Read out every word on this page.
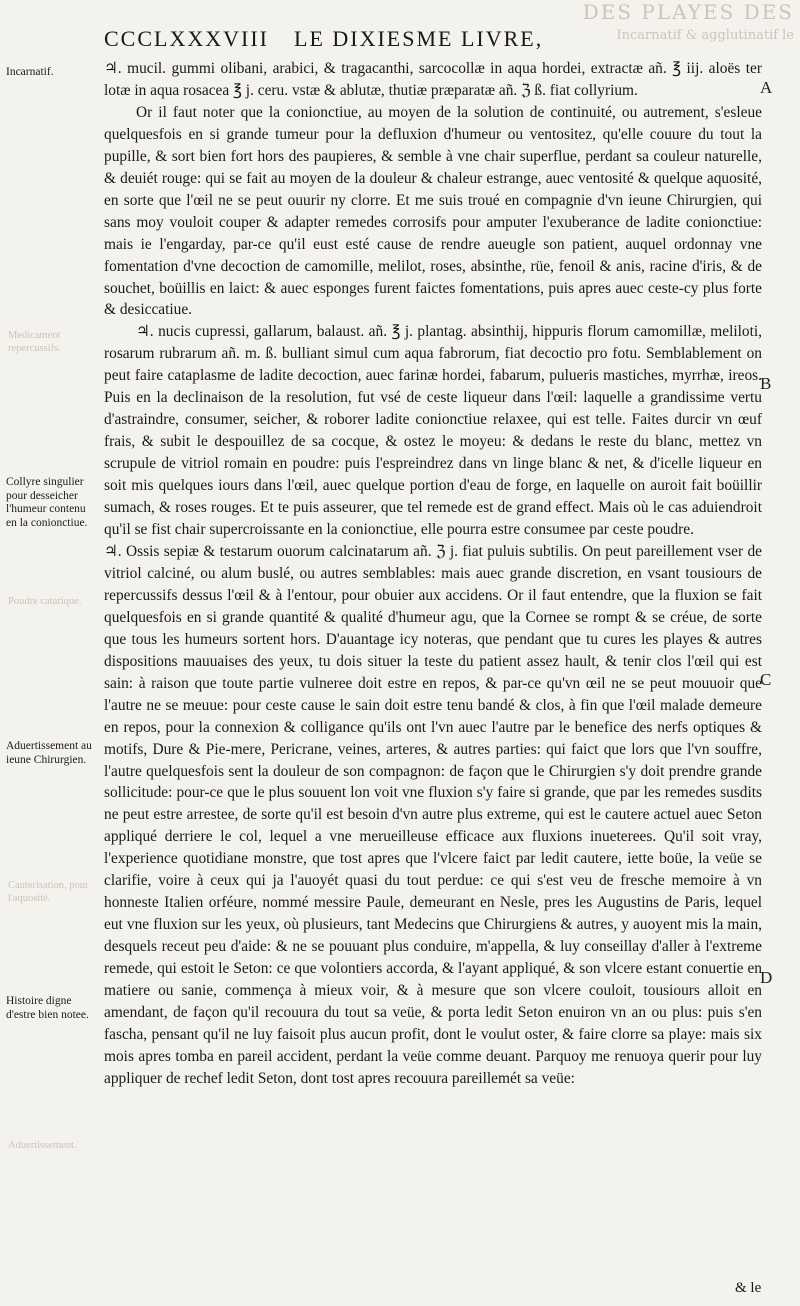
DES PLAYES DES
Incarnatif & agglutinatif le
CCCLXXXVIII LE DIXIESME LIVRE,
Incarnatif.
Medicament repercussifs.
Collyre singulier pour desseicher l'humeur contenu en la conionctiue.
Poudre catarique.
Aduertissement au ieune Chirurgien.
Cauterisation, pour l'aquosité.
Histoire digne d'estre bien notee.
Aduertissement.
A
B
C
D

♃. mucil. gummi olibani, arabici, & tragacanthi, sarcocollæ in aqua hordei, extractæ añ. ℥ iij. aloës ter lotæ in aqua rosacea ℥ j. ceru. vstæ & ablutæ, thutiæ præparatæ añ. ℨ ß. fiat collyrium.

Or il faut noter que la conionctiue, au moyen de la solution de continuité, ou autrement, s'esleue quelquesfois en si grande tumeur pour la defluxion d'humeur ou ventositez, qu'elle couure du tout la pupille, & sort bien fort hors des paupieres, & semble à vne chair superflue, perdant sa couleur naturelle, & deuiét rouge: qui se fait au moyen de la douleur & chaleur estrange, auec ventosité & quelque aquosité, en sorte que l'œil ne se peut ouurir ny clorre. Et me suis troué en compagnie d'vn ieune Chirurgien, qui sans moy vouloit couper & adapter remedes corrosifs pour amputer l'exuberance de ladite conionctiue: mais ie l'engarday, par-ce qu'il eust esté cause de rendre aueugle son patient, auquel ordonnay vne fomentation d'vne decoction de camomille, melilot, roses, absinthe, rüe, fenoil & anis, racine d'iris, & de souchet, boüillis en laict: & auec esponges furent faictes fomentations, puis apres auec ceste-cy plus forte & desiccatiue.

♃. nucis cupressi, gallarum, balaust. añ. ℥ j. plantag. absinthij, hippuris florum camomillæ, meliloti, rosarum rubrarum añ. m. ß. bulliant simul cum aqua fabrorum, fiat decoctio pro fotu. Semblablement on peut faire cataplasme de ladite decoction, auec farinæ hordei, fabarum, pulueris mastiches, myrrhæ, ireos. Puis en la declinaison de la resolution, fut vsé de ceste liqueur dans l'œil: laquelle a grandissime vertu d'astraindre, consumer, seicher, & roborer ladite conionctiue relaxee, qui est telle. Faites durcir vn œuf frais, & subit le despouillez de sa cocque, & ostez le moyeu: & dedans le reste du blanc, mettez vn scrupule de vitriol romain en poudre: puis l'espreindrez dans vn linge blanc & net, & d'icelle liqueur en soit mis quelques iours dans l'œil, auec quelque portion d'eau de forge, en laquelle on auroit fait boüillir sumach, & roses rouges. Et te puis asseurer, que tel remede est de grand effect. Mais où le cas aduiendroit qu'il se fist chair supercroissante en la conionctiue, elle pourra estre consumee par ceste poudre.

♃. Ossis sepiæ & testarum ouorum calcinatarum añ. ℨ j. fiat puluis subtilis. On peut pareillement vser de vitriol calciné, ou alum buslé, ou autres semblables: mais auec grande discretion, en vsant tousiours de repercussifs dessus l'œil & à l'entour, pour obuier aux accidens. Or il faut entendre, que la fluxion se fait quelquesfois en si grande quantité & qualité d'humeur agu, que la Cornee se rompt & se créue, de sorte que tous les humeurs sortent hors. D'auantage icy noteras, que pendant que tu cures les playes & autres dispositions mauuaises des yeux, tu dois situer la teste du patient assez hault, & tenir clos l'œil qui est sain: à raison que toute partie vulneree doit estre en repos, & par-ce qu'vn œil ne se peut mouuoir que l'autre ne se meuue: pour ceste cause le sain doit estre tenu bandé & clos, à fin que l'œil malade demeure en repos, pour la connexion & colligance qu'ils ont l'vn auec l'autre par le benefice des nerfs optiques & motifs, Dure & Pie-mere, Pericrane, veines, arteres, & autres parties: qui faict que lors que l'vn souffre, l'autre quelquesfois sent la douleur de son compagnon: de façon que le Chirurgien s'y doit prendre grande sollicitude: pour-ce que le plus souuent lon voit vne fluxion s'y faire si grande, que par les remedes susdits ne peut estre arrestee, de sorte qu'il est besoin d'vn autre plus extreme, qui est le cautere actuel auec Seton appliqué derriere le col, lequel a vne merueilleuse efficace aux fluxions inueterees. Qu'il soit vray, l'experience quotidiane monstre, que tost apres que l'vlcere faict par ledit cautere, iette boüe, la veüe se clarifie, voire à ceux qui ja l'auoyét quasi du tout perdue: ce qui s'est veu de fresche memoire à vn honneste Italien orféure, nommé messire Paule, demeurant en Nesle, pres les Augustins de Paris, lequel eut vne fluxion sur les yeux, où plusieurs, tant Medecins que Chirurgiens & autres, y auoyent mis la main, desquels receut peu d'aide: & ne se pouuant plus conduire, m'appella, & luy conseillay d'aller à l'extreme remede, qui estoit le Seton: ce que volontiers accorda, & l'ayant appliqué, & son vlcere estant conuertie en matiere ou sanie, commença à mieux voir, & à mesure que son vlcere couloit, tousiours alloit en amendant, de façon qu'il recouura du tout sa veüe, & porta ledit Seton enuiron vn an ou plus: puis s'en fascha, pensant qu'il ne luy faisoit plus aucun profit, dont le voulut oster, & faire clorre sa playe: mais six mois apres tomba en pareil accident, perdant la veüe comme deuant. Parquoy me renuoya querir pour luy appliquer de rechef ledit Seton, dont tost apres recouura pareillemét sa veüe:

& le
